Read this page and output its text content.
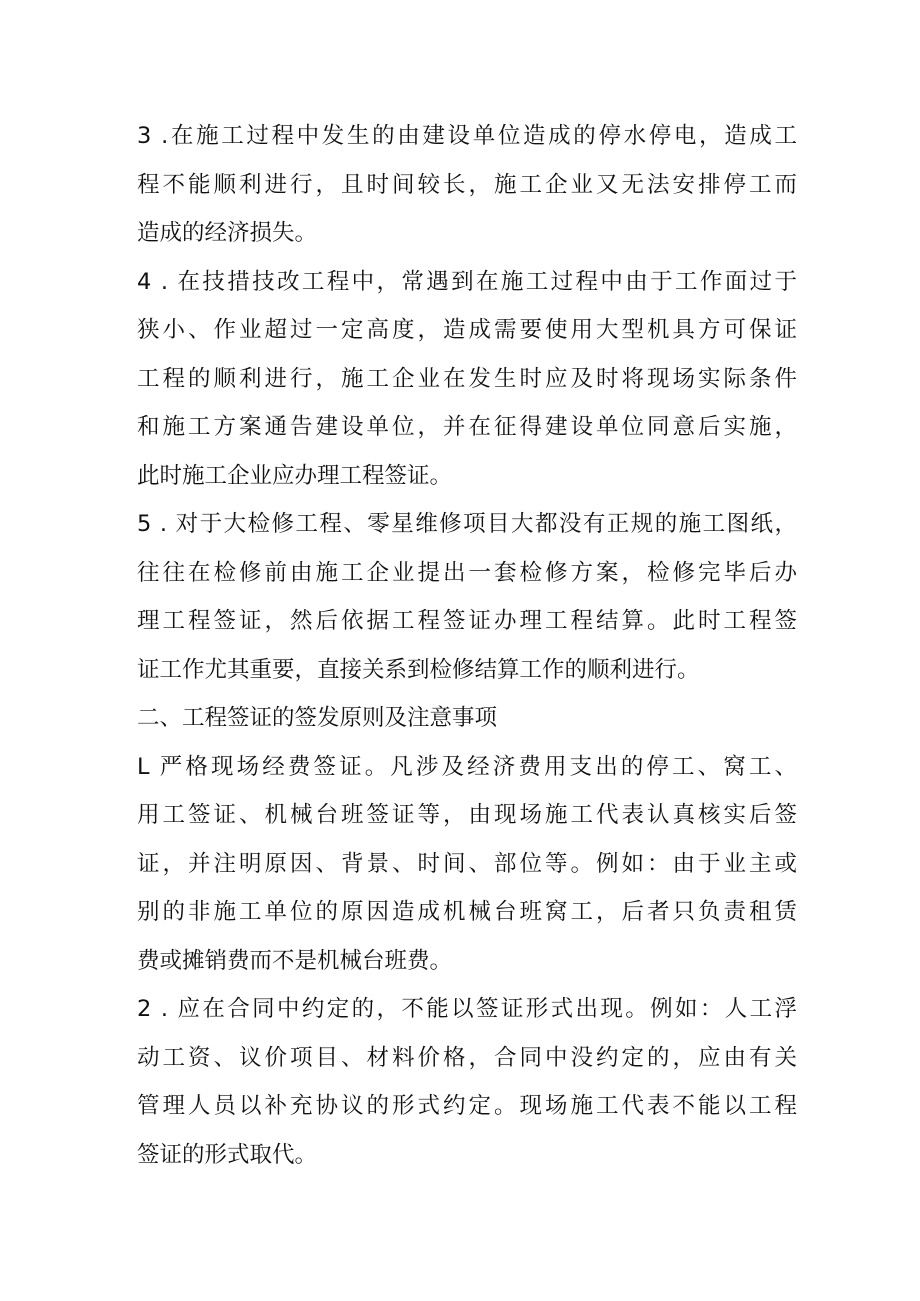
3 .在施工过程中发生的由建设单位造成的停水停电，造成工
程不能顺利进行，且时间较长，施工企业又无法安排停工而
造成的经济损失。
4 . 在技措技改工程中，常遇到在施工过程中由于工作面过于
狭小、作业超过一定高度，造成需要使用大型机具方可保证
工程的顺利进行，施工企业在发生时应及时将现场实际条件
和施工方案通告建设单位，并在征得建设单位同意后实施，
此时施工企业应办理工程签证。
5 . 对于大检修工程、零星维修项目大都没有正规的施工图纸，
往往在检修前由施工企业提出一套检修方案，检修完毕后办
理工程签证，然后依据工程签证办理工程结算。此时工程签
证工作尤其重要，直接关系到检修结算工作的顺利进行。
二、工程签证的签发原则及注意事项
L 严格现场经费签证。凡涉及经济费用支出的停工、窝工、
用工签证、机械台班签证等，由现场施工代表认真核实后签
证，并注明原因、背景、时间、部位等。例如：由于业主或
别的非施工单位的原因造成机械台班窝工，后者只负责租赁
费或摊销费而不是机械台班费。
2 . 应在合同中约定的，不能以签证形式出现。例如：人工浮
动工资、议价项目、材料价格，合同中没约定的，应由有关
管理人员以补充协议的形式约定。现场施工代表不能以工程
签证的形式取代。
